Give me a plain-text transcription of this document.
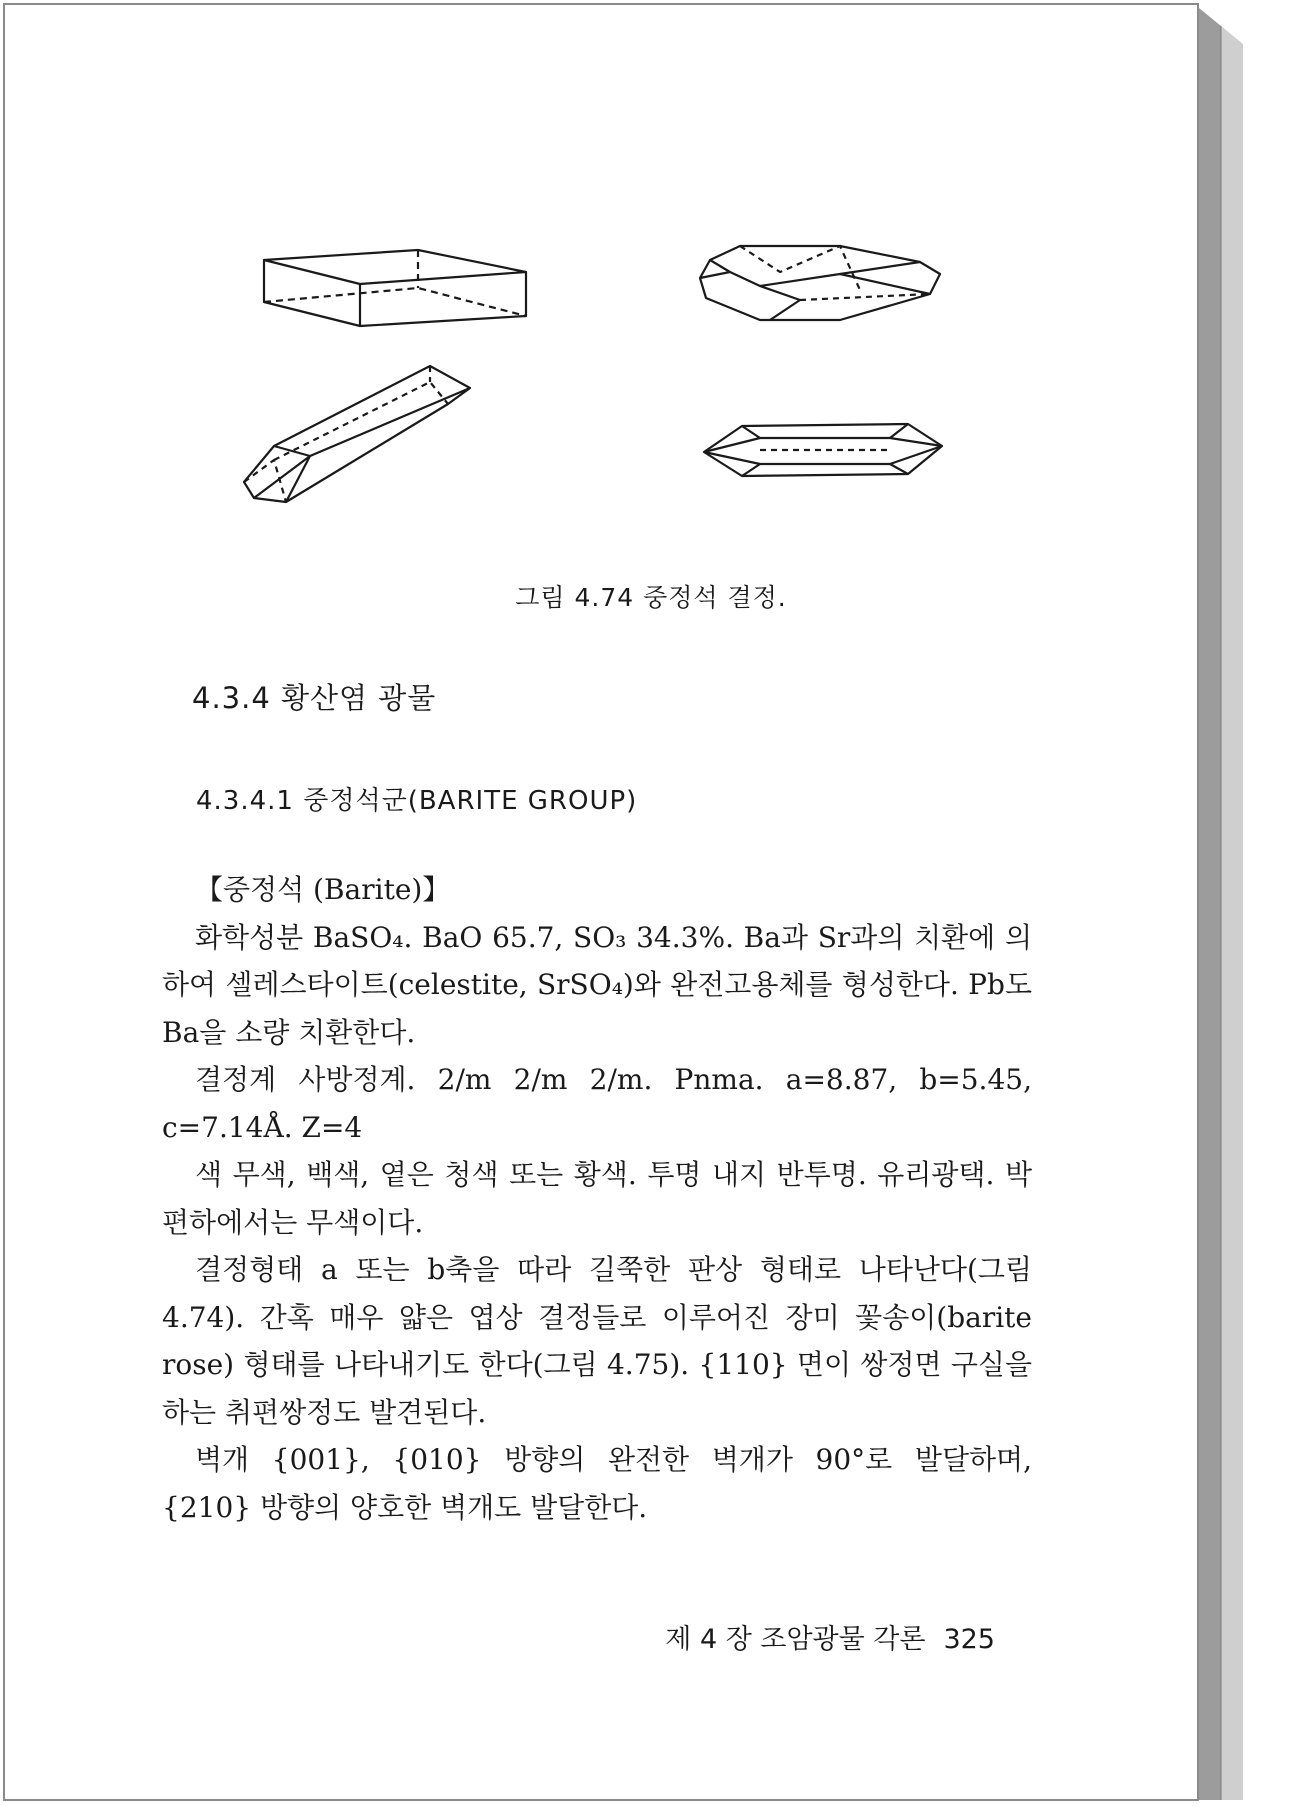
그림 4.74 중정석 결정.
4.3.4 황산염 광물
4.3.4.1 중정석군(BARITE GROUP)

【중정석 (Barite)】

화학성분 BaSO₄. BaO 65.7, SO₃ 34.3%. Ba과 Sr과의 치환에 의하여 셀레스타이트(celestite, SrSO₄)와 완전고용체를 형성한다. Pb도 Ba을 소량 치환한다.

결정계 사방정계. 2/m 2/m 2/m. Pnma. a=8.87, b=5.45, c=7.14Å. Z=4

색 무색, 백색, 옅은 청색 또는 황색. 투명 내지 반투명. 유리광택. 박편하에서는 무색이다.

결정형태 a 또는 b축을 따라 길쭉한 판상 형태로 나타난다(그림 4.74). 간혹 매우 얇은 엽상 결정들로 이루어진 장미 꽃송이(barite rose) 형태를 나타내기도 한다(그림 4.75). {110} 면이 쌍정면 구실을 하는 취편쌍정도 발견된다.

벽개 {001}, {010} 방향의 완전한 벽개가 90°로 발달하며, {210} 방향의 양호한 벽개도 발달한다.

제 4 장 조암광물 각론 325
